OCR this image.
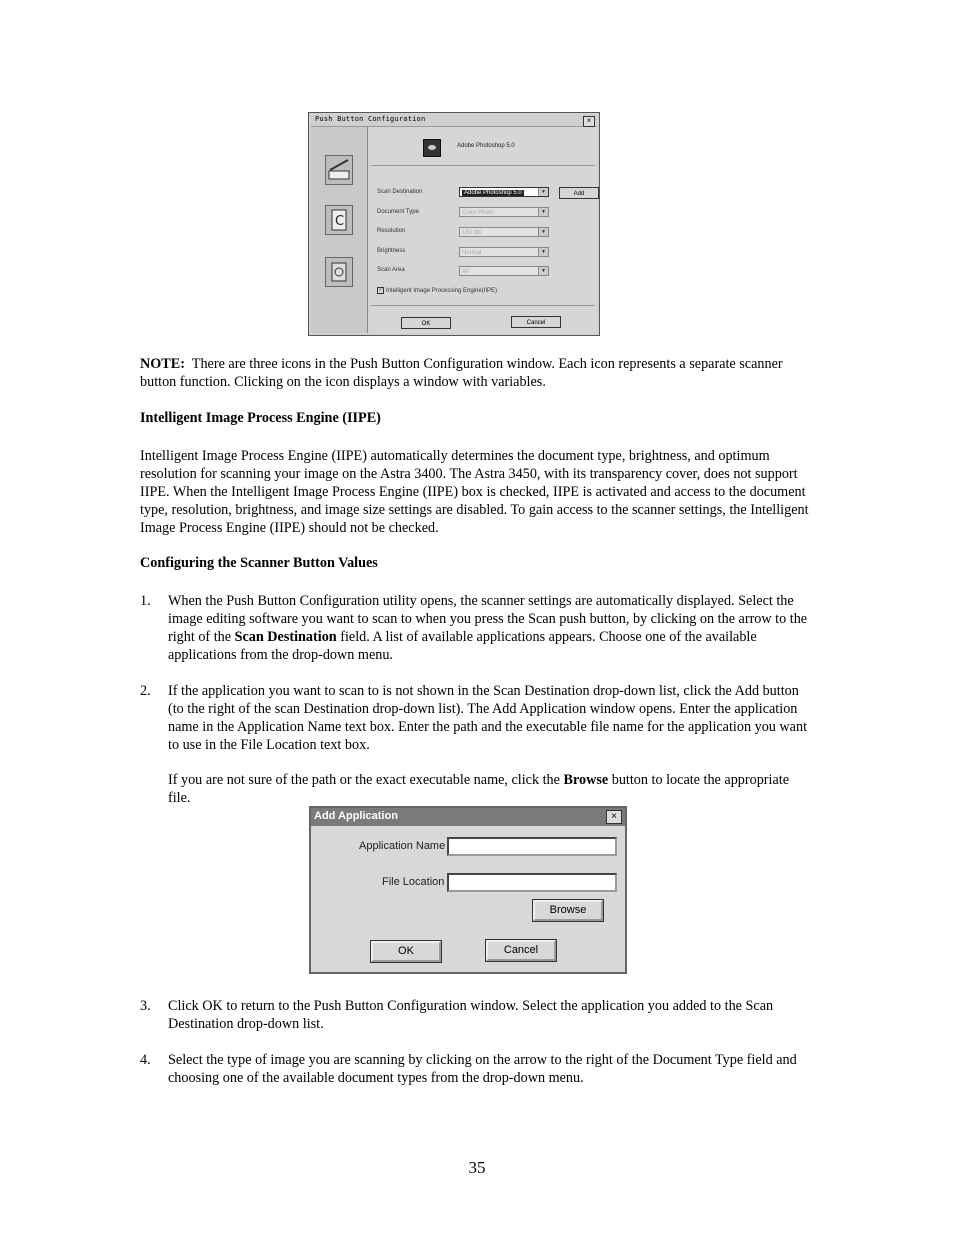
Push Button Configuration	×
C
Adobe Photoshop 5.0
Scan Destination	Adobe Photoshop 5.0	▼	Add
Document Type	Color Photo	▼
Resolution	150 dpi	▼
Brightness	Normal	▼
Scan Area	All	▼
✓ Intelligent Image Processing Engine(IIPE)
OK	Cancel
NOTE: There are three icons in the Push Button Configuration window. Each icon represents a separate scanner button function. Clicking on the icon displays a window with variables.
Intelligent Image Process Engine (IIPE)
Intelligent Image Process Engine (IIPE) automatically determines the document type, brightness, and optimum resolution for scanning your image on the Astra 3400. The Astra 3450, with its transparency cover, does not support IIPE. When the Intelligent Image Process Engine (IIPE) box is checked, IIPE is activated and access to the document type, resolution, brightness, and image size settings are disabled. To gain access to the scanner settings, the Intelligent Image Process Engine (IIPE) should not be checked.
Configuring the Scanner Button Values
1. When the Push Button Configuration utility opens, the scanner settings are automatically displayed. Select the image editing software you want to scan to when you press the Scan push button, by clicking on the arrow to the right of the Scan Destination field. A list of available applications appears. Choose one of the available applications from the drop-down menu.
2. If the application you want to scan to is not shown in the Scan Destination drop-down list, click the Add button (to the right of the scan Destination drop-down list). The Add Application window opens. Enter the application name in the Application Name text box. Enter the path and the executable file name for the application you want to use in the File Location text box.
If you are not sure of the path or the exact executable name, click the Browse button to locate the appropriate file.
Add Application	×
Application Name
File Location
Browse
OK	Cancel
3. Click OK to return to the Push Button Configuration window. Select the application you added to the Scan Destination drop-down list.
4. Select the type of image you are scanning by clicking on the arrow to the right of the Document Type field and choosing one of the available document types from the drop-down menu.
35
